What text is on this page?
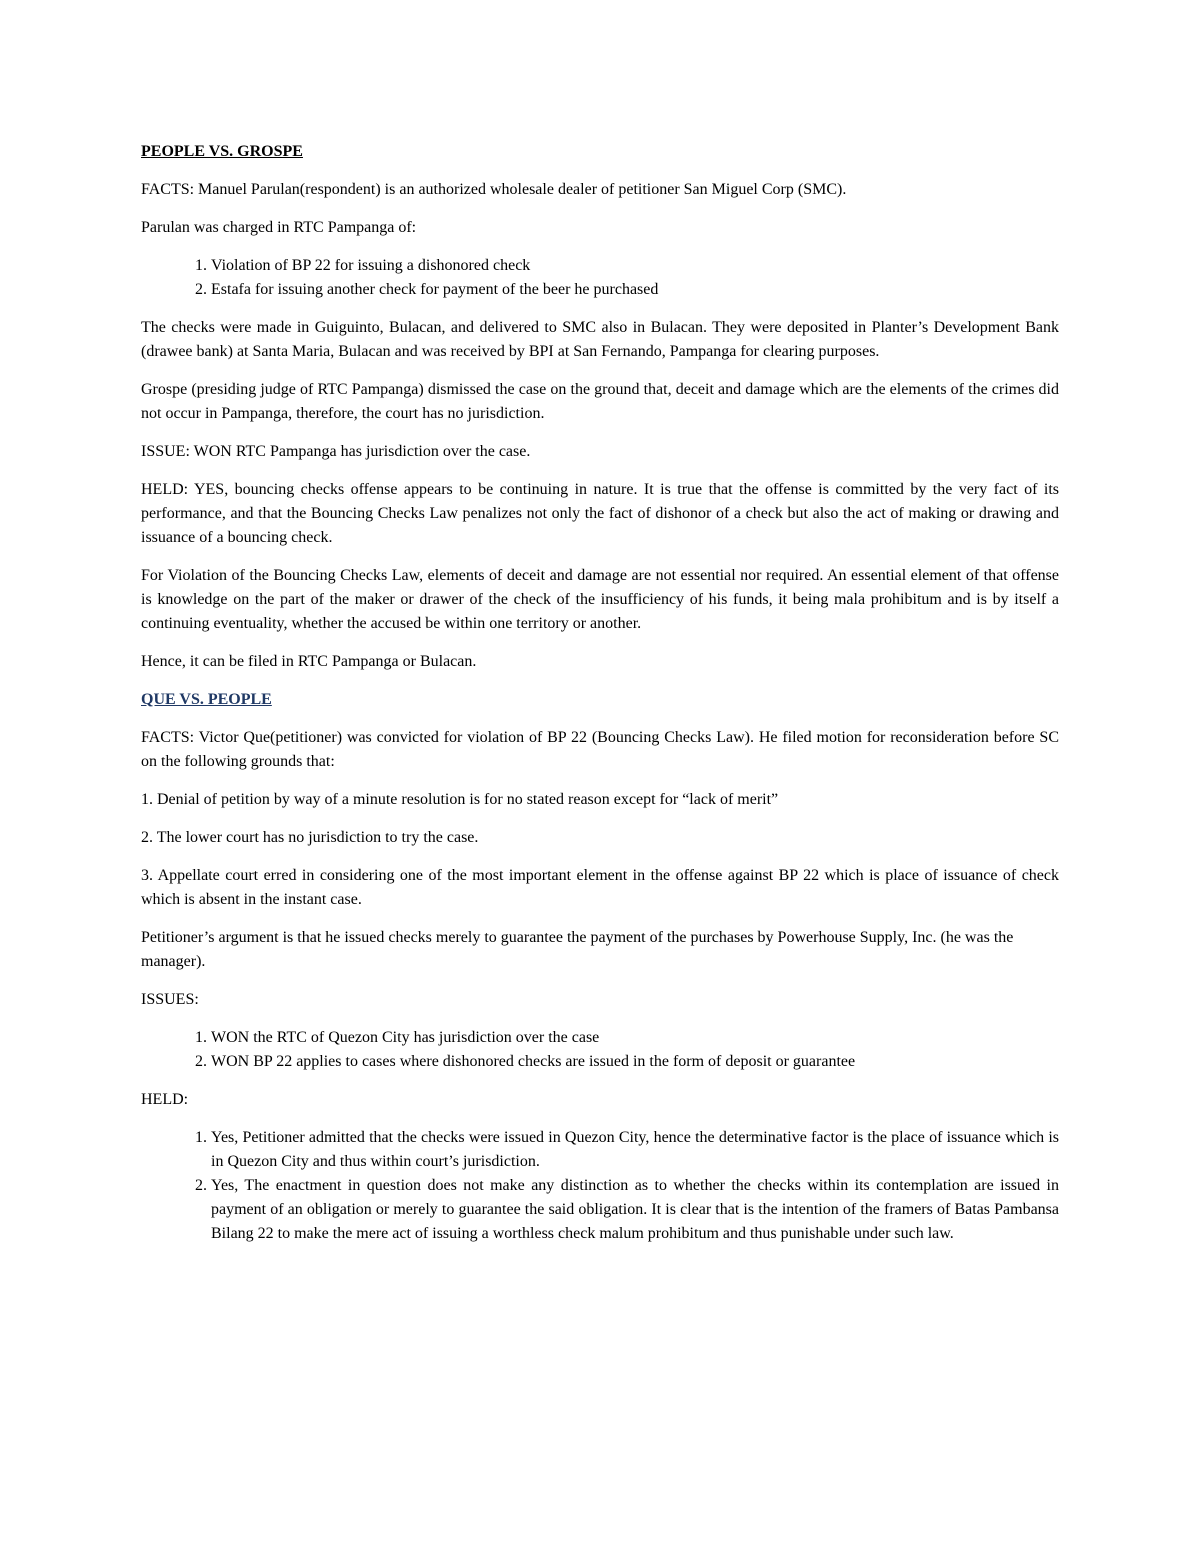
PEOPLE VS. GROSPE

FACTS: Manuel Parulan(respondent) is an authorized wholesale dealer of petitioner San Miguel Corp (SMC).

Parulan was charged in RTC Pampanga of:

1. Violation of BP 22 for issuing a dishonored check
2. Estafa for issuing another check for payment of the beer he purchased

The checks were made in Guiguinto, Bulacan, and delivered to SMC also in Bulacan. They were deposited in Planter’s Development Bank (drawee bank) at Santa Maria, Bulacan and was received by BPI at San Fernando, Pampanga for clearing purposes.

Grospe (presiding judge of RTC Pampanga) dismissed the case on the ground that, deceit and damage which are the elements of the crimes did not occur in Pampanga, therefore, the court has no jurisdiction.

ISSUE: WON RTC Pampanga has jurisdiction over the case.

HELD: YES, bouncing checks offense appears to be continuing in nature. It is true that the offense is committed by the very fact of its performance, and that the Bouncing Checks Law penalizes not only the fact of dishonor of a check but also the act of making or drawing and issuance of a bouncing check.

For Violation of the Bouncing Checks Law, elements of deceit and damage are not essential nor required. An essential element of that offense is knowledge on the part of the maker or drawer of the check of the insufficiency of his funds, it being mala prohibitum and is by itself a continuing eventuality, whether the accused be within one territory or another.

Hence, it can be filed in RTC Pampanga or Bulacan.

QUE VS. PEOPLE

FACTS: Victor Que(petitioner) was convicted for violation of BP 22 (Bouncing Checks Law). He filed motion for reconsideration before SC on the following grounds that:

1. Denial of petition by way of a minute resolution is for no stated reason except for “lack of merit”

2. The lower court has no jurisdiction to try the case.

3. Appellate court erred in considering one of the most important element in the offense against BP 22 which is place of issuance of check which is absent in the instant case.

Petitioner’s argument is that he issued checks merely to guarantee the payment of the purchases by Powerhouse Supply, Inc. (he was the manager).

ISSUES:

1. WON the RTC of Quezon City has jurisdiction over the case
2. WON BP 22 applies to cases where dishonored checks are issued in the form of deposit or guarantee

HELD:

1. Yes, Petitioner admitted that the checks were issued in Quezon City, hence the determinative factor is the place of issuance which is in Quezon City and thus within court’s jurisdiction.
2. Yes, The enactment in question does not make any distinction as to whether the checks within its contemplation are issued in payment of an obligation or merely to guarantee the said obligation. It is clear that is the intention of the framers of Batas Pambansa Bilang 22 to make the mere act of issuing a worthless check malum prohibitum and thus punishable under such law.
